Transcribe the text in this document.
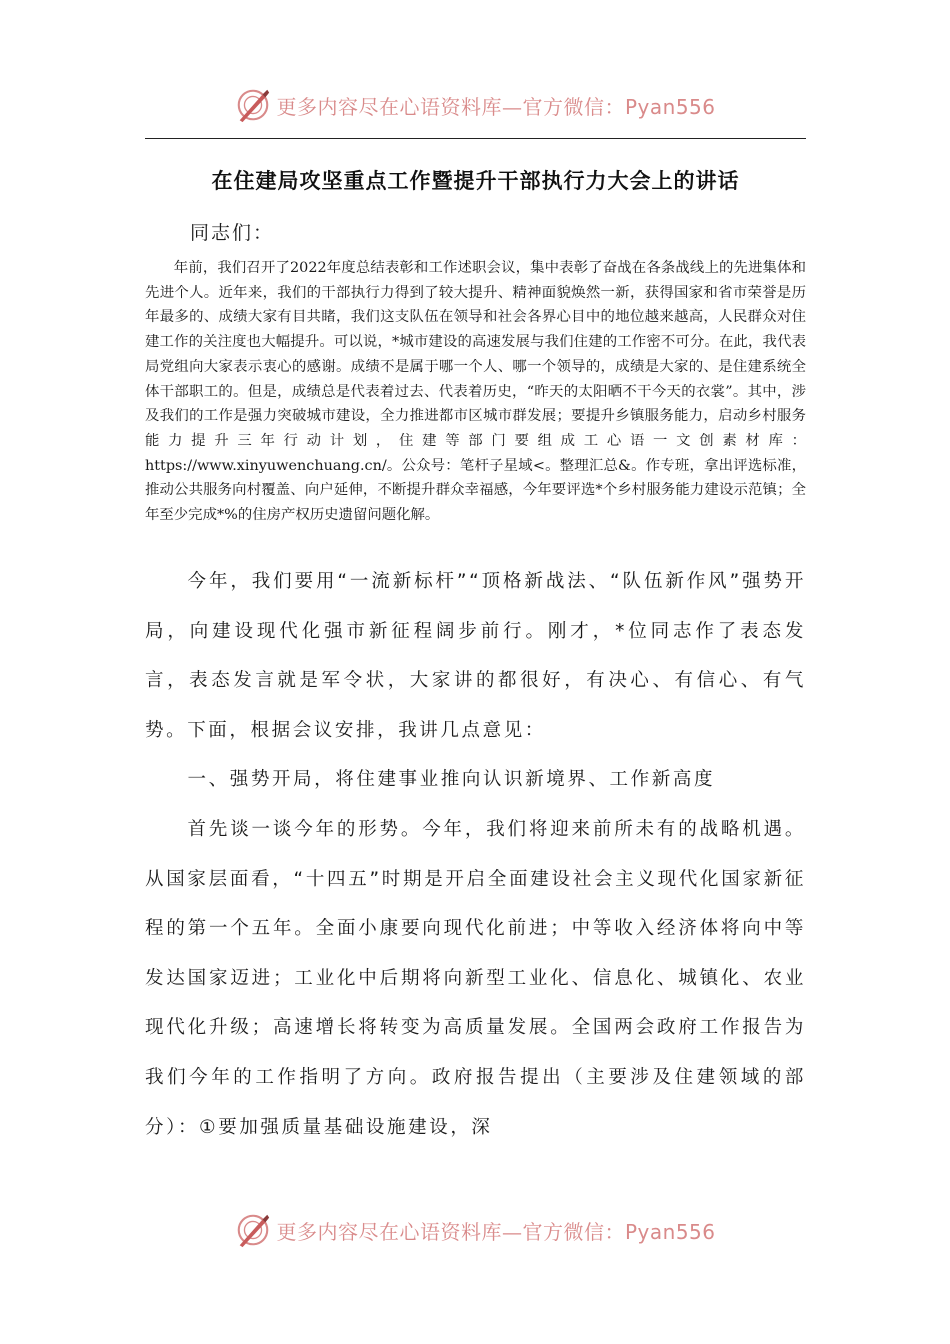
更多内容尽在心语资料库—官方微信：Pyan556
在住建局攻坚重点工作暨提升干部执行力大会上的讲话

同志们：

年前，我们召开了2022年度总结表彰和工作述职会议，集中表彰了奋战在各条战线上的先进集体和先进个人。近年来，我们的干部执行力得到了较大提升、精神面貌焕然一新，获得国家和省市荣誉是历年最多的、成绩大家有目共睹，我们这支队伍在领导和社会各界心目中的地位越来越高，人民群众对住建工作的关注度也大幅提升。可以说，*城市建设的高速发展与我们住建的工作密不可分。在此，我代表局党组向大家表示衷心的感谢。成绩不是属于哪一个人、哪一个领导的，成绩是大家的、是住建系统全体干部职工的。但是，成绩总是代表着过去、代表着历史，“昨天的太阳晒不干今天的衣裳”。其中，涉及我们的工作是强力突破城市建设，全力推进都市区城市群发展；要提升乡镇服务能力，启动乡村服务能力提升三年行动计划，住建等部门要组成工心语一文创素材库：https://www.xinyuwenchuang.cn/。公众号：笔杆子星域<。整理汇总&。作专班，拿出评选标准，推动公共服务向村覆盖、向户延伸，不断提升群众幸福感，今年要评选*个乡村服务能力建设示范镇；全年至少完成*%的住房产权历史遗留问题化解。

今年，我们要用“一流新标杆”“顶格新战法、“队伍新作风”强势开局，向建设现代化强市新征程阔步前行。刚才，*位同志作了表态发言，表态发言就是军令状，大家讲的都很好，有决心、有信心、有气势。下面，根据会议安排，我讲几点意见：

一、强势开局，将住建事业推向认识新境界、工作新高度

首先谈一谈今年的形势。今年，我们将迎来前所未有的战略机遇。从国家层面看，“十四五”时期是开启全面建设社会主义现代化国家新征程的第一个五年。全面小康要向现代化前进；中等收入经济体将向中等发达国家迈进；工业化中后期将向新型工业化、信息化、城镇化、农业现代化升级；高速增长将转变为高质量发展。全国两会政府工作报告为我们今年的工作指明了方向。政府报告提出（主要涉及住建领域的部分）：①要加强质量基础设施建设，深

更多内容尽在心语资料库—官方微信：Pyan556
